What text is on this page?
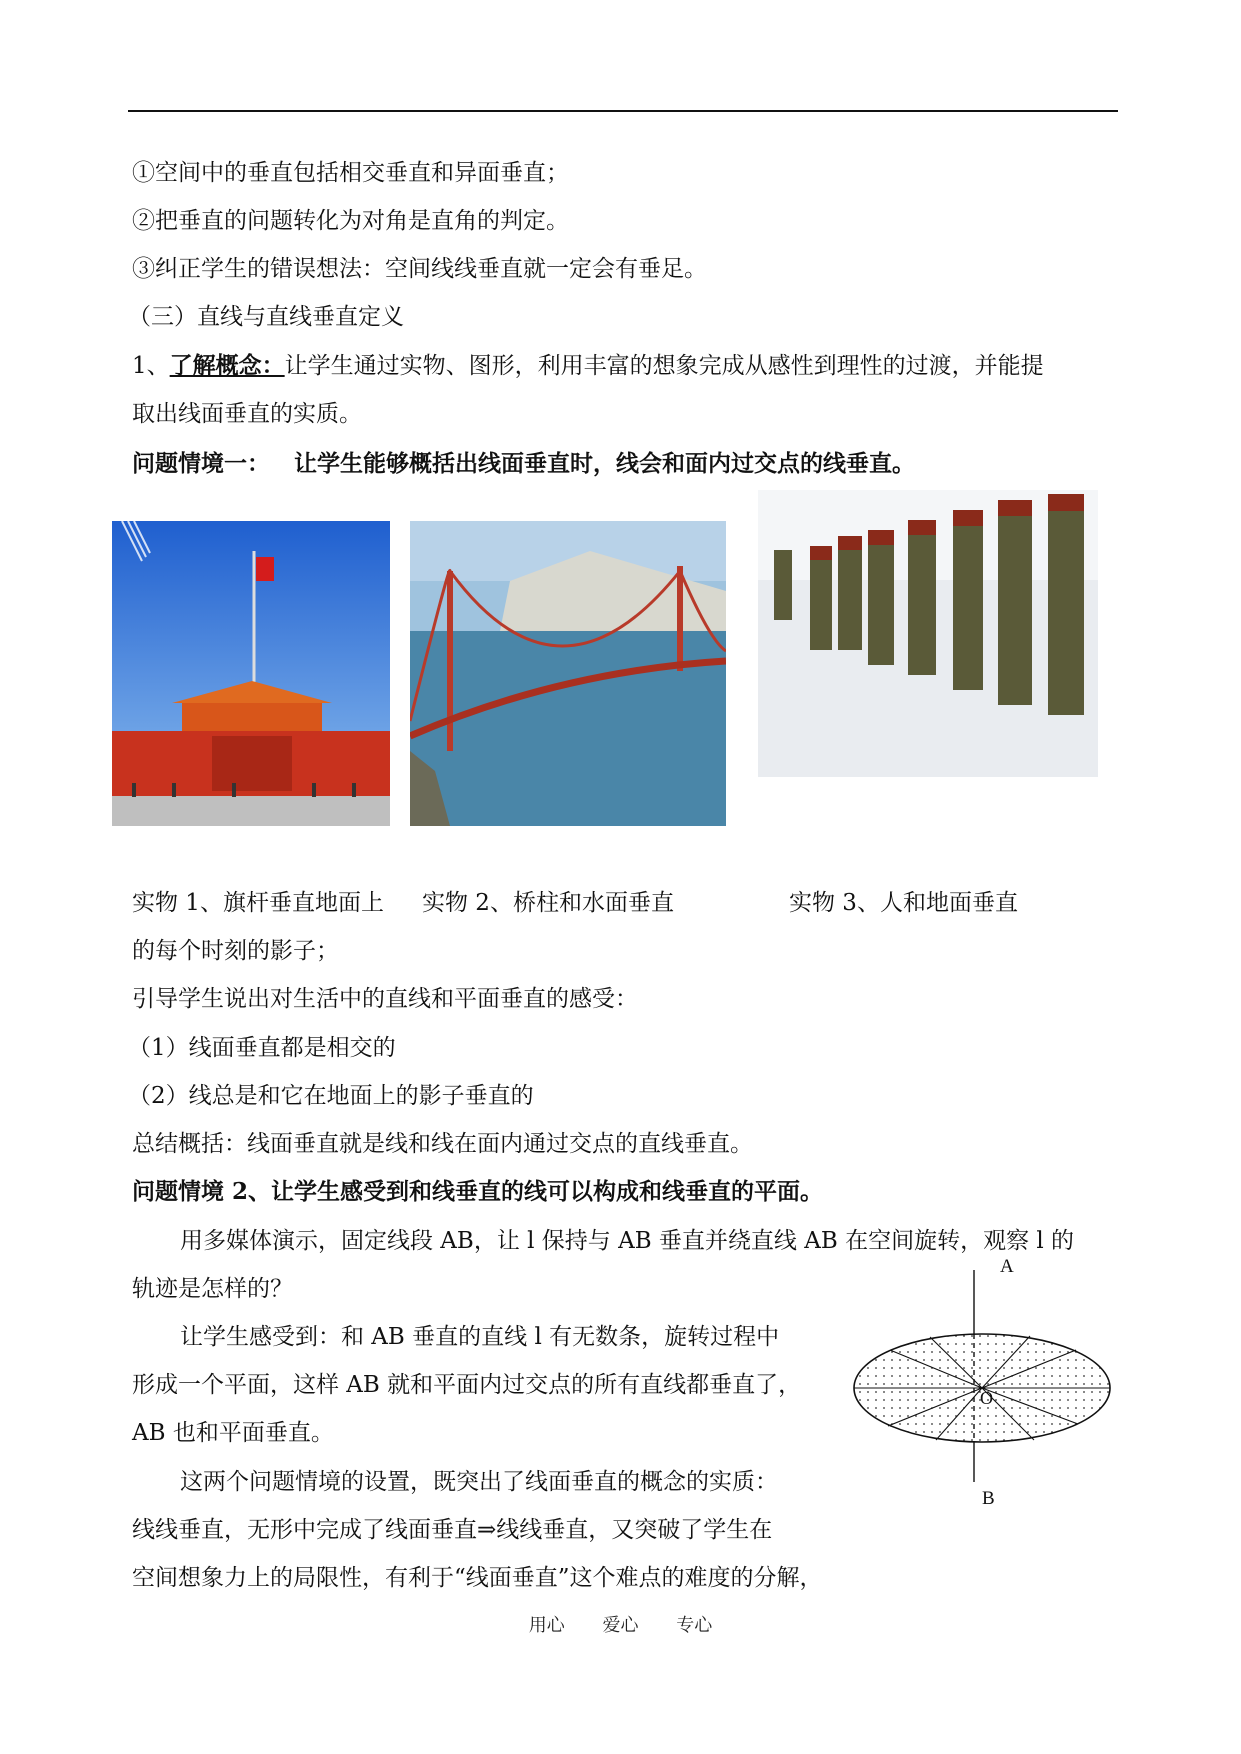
①空间中的垂直包括相交垂直和异面垂直；
②把垂直的问题转化为对角是直角的判定。
③纠正学生的错误想法：空间线线垂直就一定会有垂足。
（三）直线与直线垂直定义
1、了解概念：让学生通过实物、图形，利用丰富的想象完成从感性到理性的过渡，并能提
取出线面垂直的实质。
问题情境一：   让学生能够概括出线面垂直时，线会和面内过交点的线垂直。
实物 1、旗杆垂直地面上 实物 2、桥柱和水面垂直	实物 3、人和地面垂直
的每个时刻的影子；
引导学生说出对生活中的直线和平面垂直的感受：
（1）线面垂直都是相交的
（2）线总是和它在地面上的影子垂直的
总结概括：线面垂直就是线和线在面内通过交点的直线垂直。
问题情境 2、让学生感受到和线垂直的线可以构成和线垂直的平面。
用多媒体演示，固定线段 AB，让 l 保持与 AB 垂直并绕直线 AB 在空间旋转，观察 l 的
轨迹是怎样的？
让学生感受到：和 AB 垂直的直线 l 有无数条，旋转过程中
形成一个平面，这样 AB 就和平面内过交点的所有直线都垂直了，
AB 也和平面垂直。
这两个问题情境的设置，既突出了线面垂直的概念的实质：
线线垂直，无形中完成了线面垂直⇒线线垂直，又突破了学生在
空间想象力上的局限性，有利于“线面垂直”这个难点的难度的分解，
A
O
B
用心 爱心 专心
